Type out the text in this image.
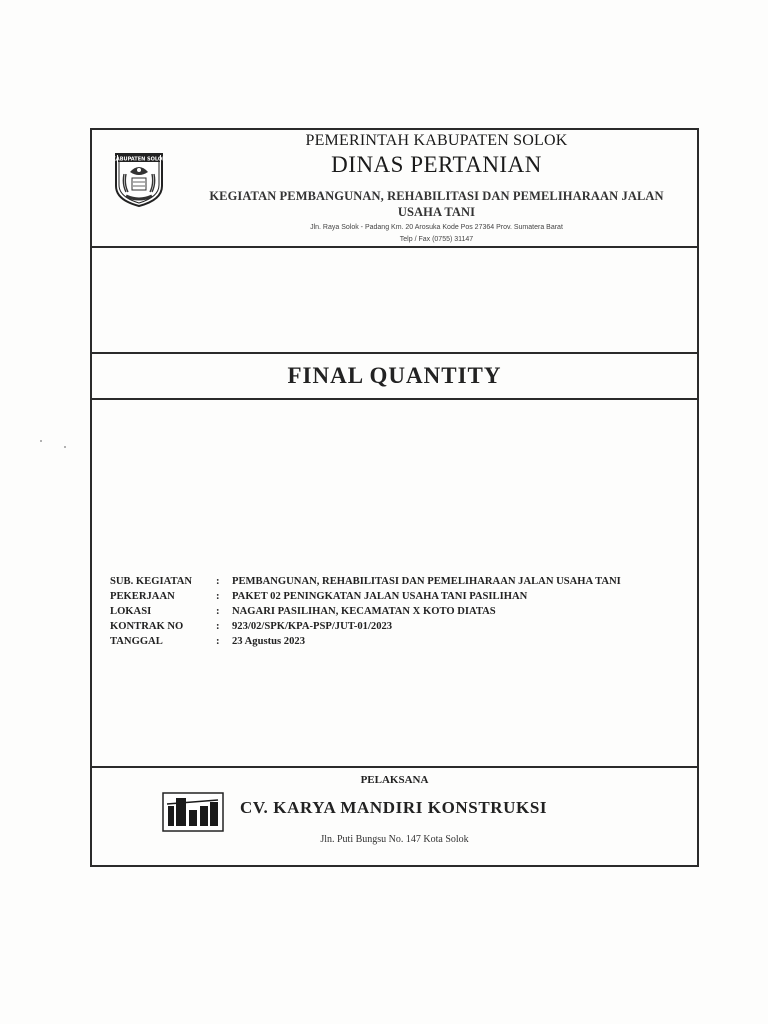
KABUPATEN SOLOK
PEMERINTAH KABUPATEN SOLOK
DINAS PERTANIAN
KEGIATAN PEMBANGUNAN, REHABILITASI DAN PEMELIHARAAN JALAN
USAHA TANI
Jln. Raya Solok - Padang Km. 20 Arosuka Kode Pos 27364 Prov. Sumatera Barat
Telp / Fax (0755) 31147
FINAL QUANTITY
SUB. KEGIATAN	:	PEMBANGUNAN, REHABILITASI DAN PEMELIHARAAN JALAN USAHA TANI
PEKERJAAN	:	PAKET 02 PENINGKATAN JALAN USAHA TANI PASILIHAN
LOKASI	:	NAGARI PASILIHAN, KECAMATAN X KOTO DIATAS
KONTRAK NO	:	923/02/SPK/KPA-PSP/JUT-01/2023
TANGGAL	:	23 Agustus 2023
PELAKSANA
CV. KARYA MANDIRI KONSTRUKSI
Jln. Puti Bungsu No. 147 Kota Solok
